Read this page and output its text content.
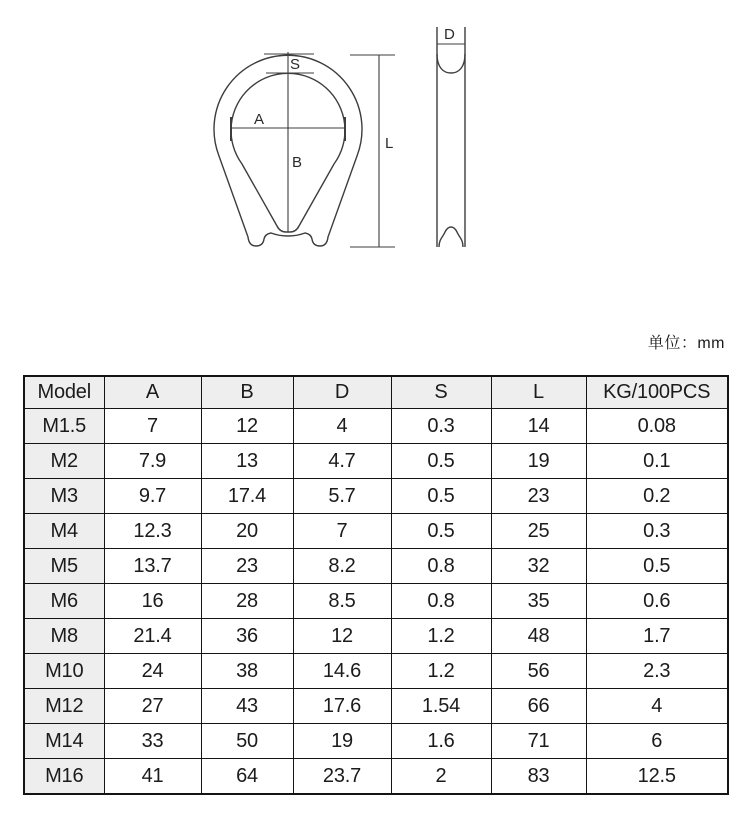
S
A
B
L
D
单位：mm
Model	A	B	D	S	L	KG/100PCS
M1.5	7	12	4	0.3	14	0.08
M2	7.9	13	4.7	0.5	19	0.1
M3	9.7	17.4	5.7	0.5	23	0.2
M4	12.3	20	7	0.5	25	0.3
M5	13.7	23	8.2	0.8	32	0.5
M6	16	28	8.5	0.8	35	0.6
M8	21.4	36	12	1.2	48	1.7
M10	24	38	14.6	1.2	56	2.3
M12	27	43	17.6	1.54	66	4
M14	33	50	19	1.6	71	6
M16	41	64	23.7	2	83	12.5
